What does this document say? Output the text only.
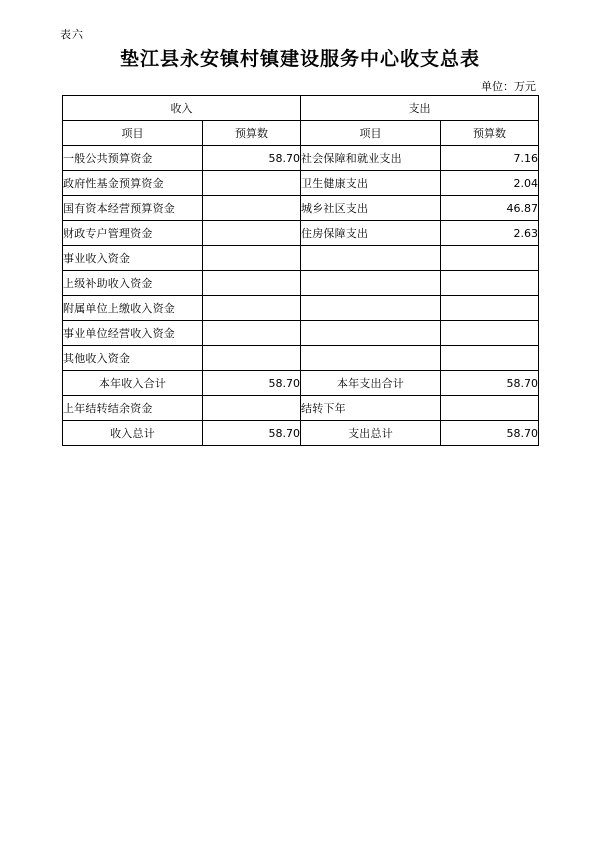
表六
垫江县永安镇村镇建设服务中心收支总表
单位：万元
收入		支出	
项目	预算数	项目	预算数
一般公共预算资金	58.70	社会保障和就业支出	7.16
政府性基金预算资金		卫生健康支出	2.04
国有资本经营预算资金		城乡社区支出	46.87
财政专户管理资金		住房保障支出	2.63
事业收入资金			
上级补助收入资金			
附属单位上缴收入资金			
事业单位经营收入资金			
其他收入资金			
本年收入合计	58.70	本年支出合计	58.70
上年结转结余资金		结转下年	
收入总计	58.70	支出总计	58.70
